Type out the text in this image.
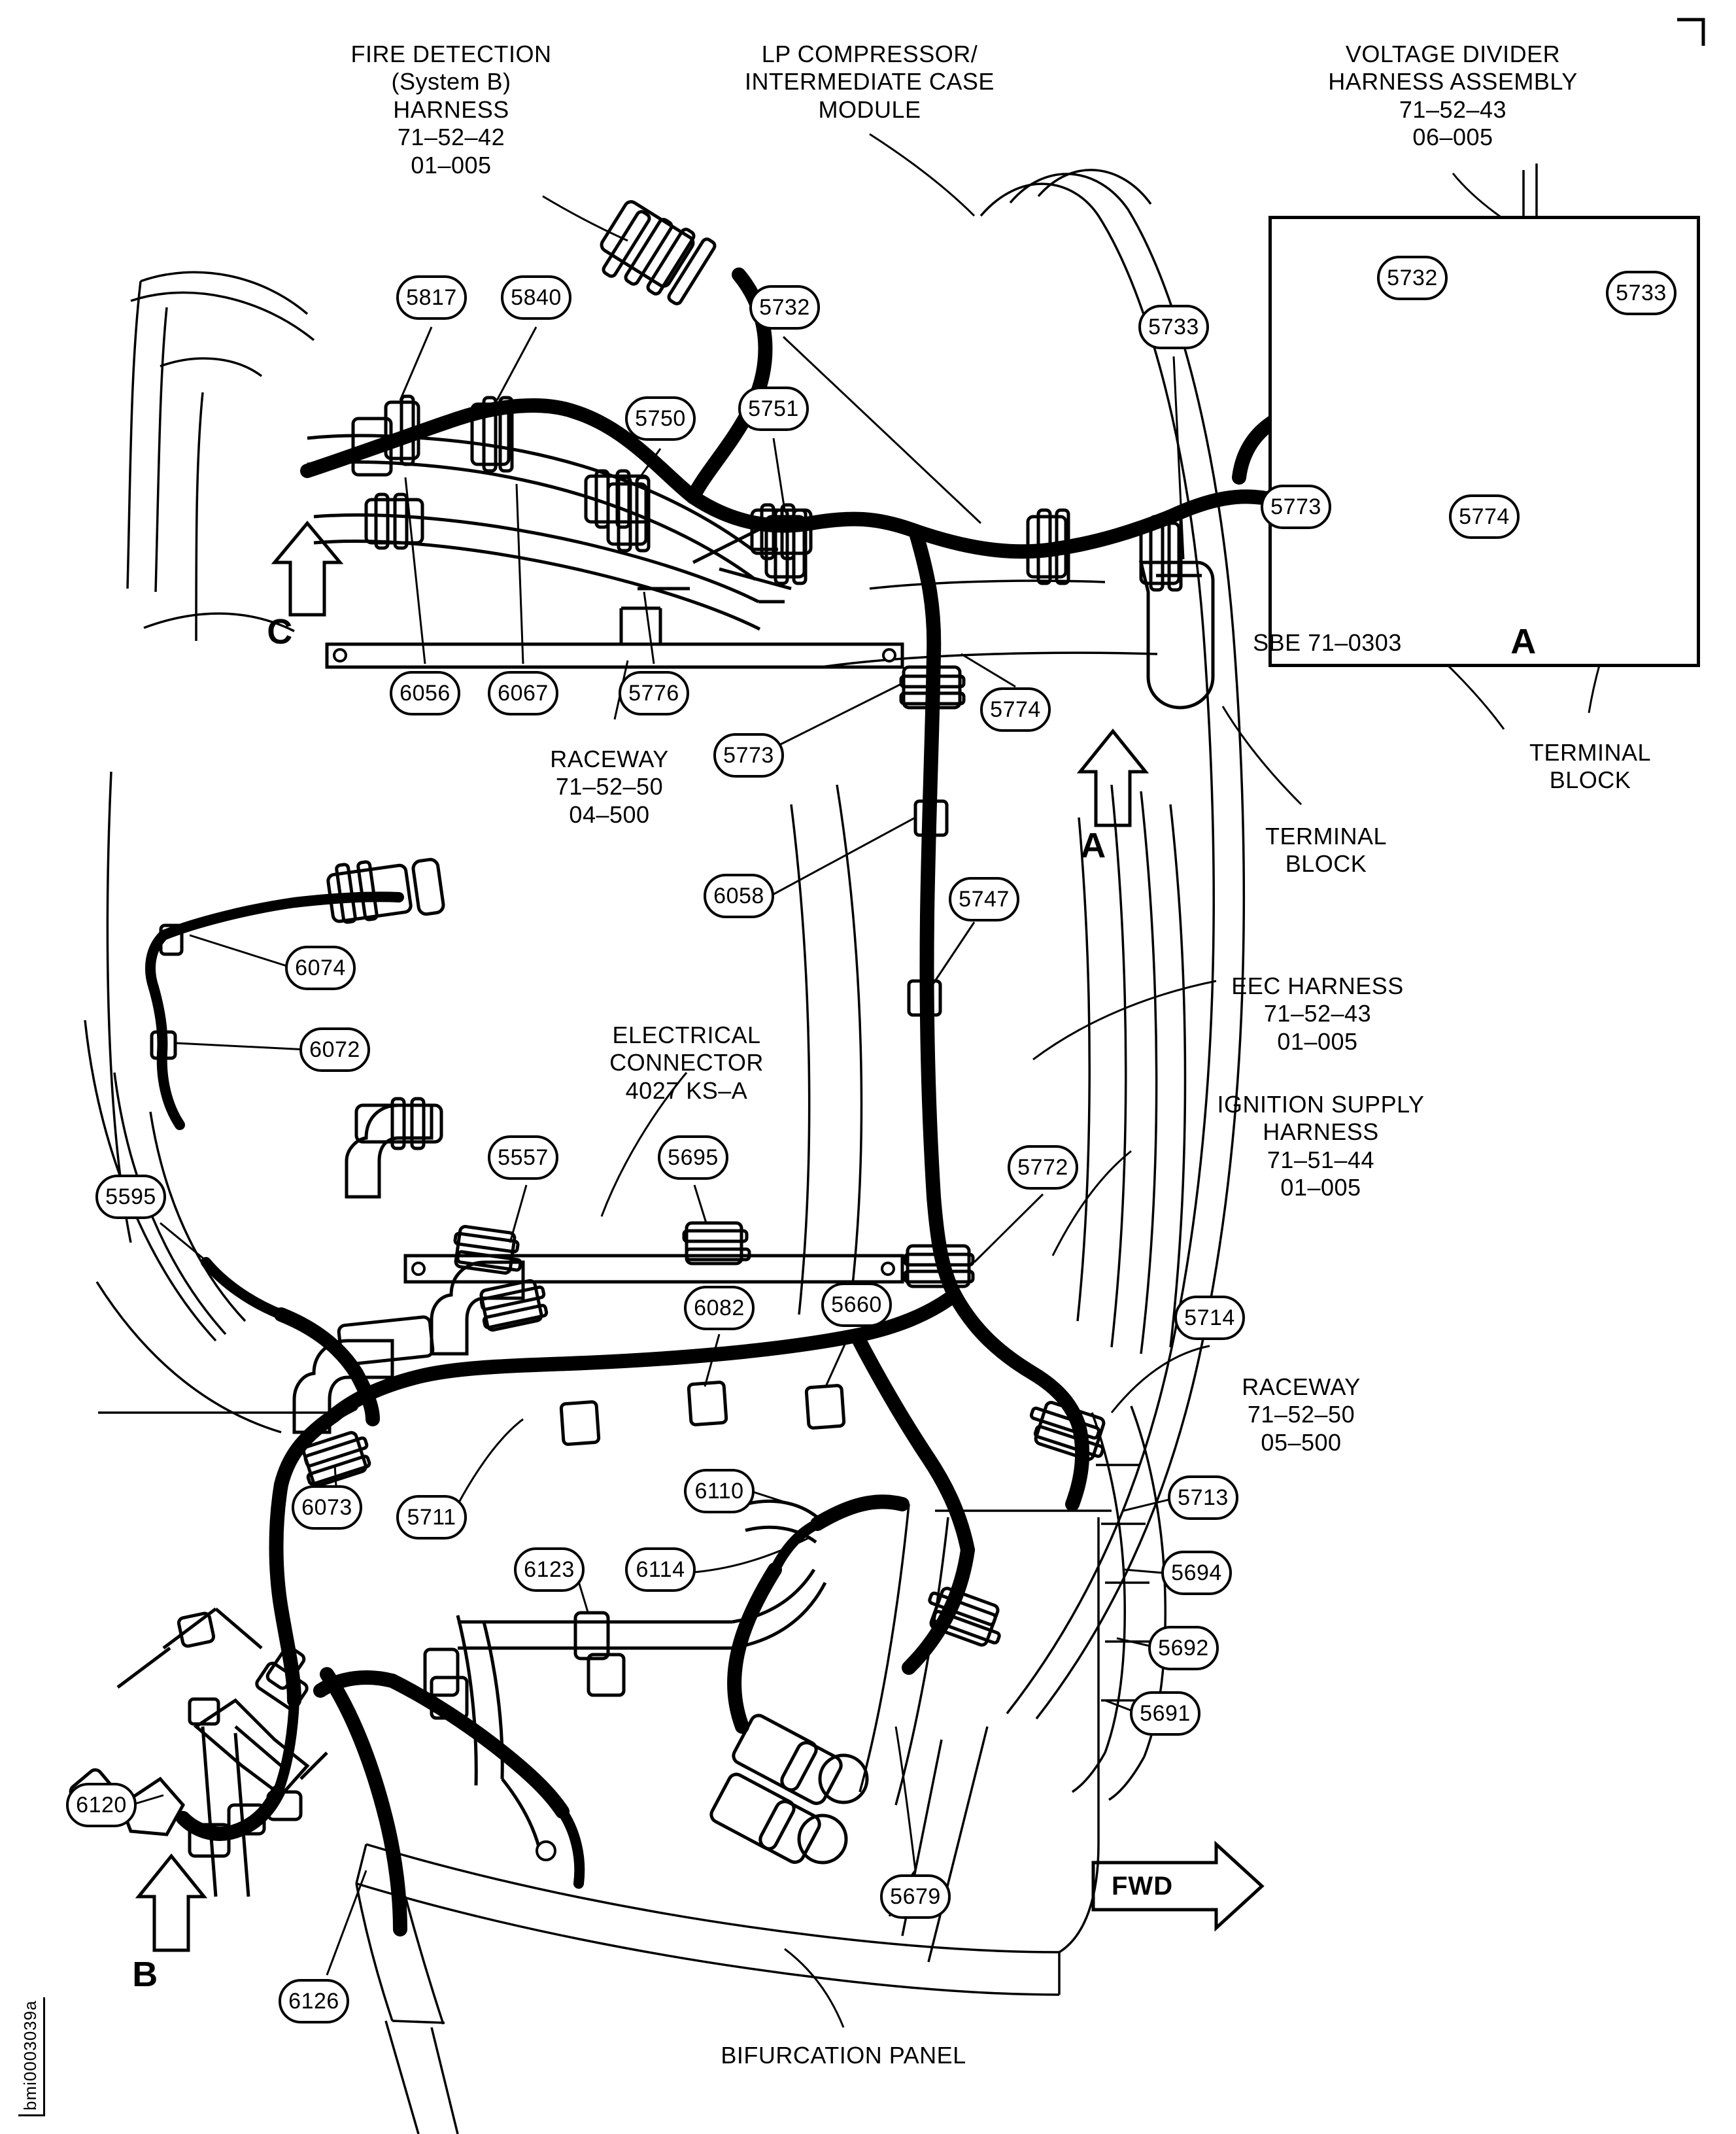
FIRE DETECTION
(System B)
HARNESS
71–52–42
01–005
LP COMPRESSOR/
INTERMEDIATE CASE
MODULE
VOLTAGE DIVIDER
HARNESS ASSEMBLY
71–52–43
06–005
TERMINAL
BLOCK
TERMINAL
BLOCK
RACEWAY
71–52–50
04–500
EEC HARNESS
71–52–43
01–005
IGNITION SUPPLY
HARNESS
71–51–44
01–005
ELECTRICAL
CONNECTOR
4027 KS–A
RACEWAY
71–52–50
05–500
BIFURCATION PANEL
SBE 71–0303
C
A
A
B
FWD
bmi0003039a
5817	5840	5732
5733
5750	5751
6056	6067	5776
5773
5774
6058	5747
6074
6072
5595
5557	5695	5772
6082	5660
5714
6073	5711
6110	5713
6123	6114	5694
5692
5691
6120
5679
6126
5732
5733
5773	5774
